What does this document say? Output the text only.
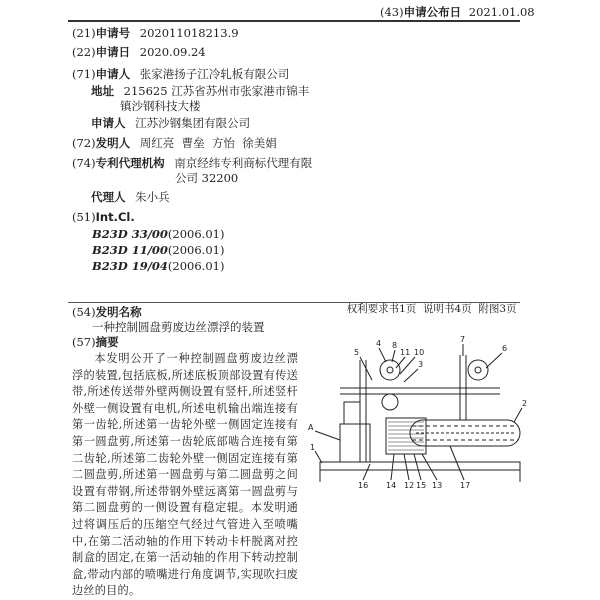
(43)申请公布日 2021.01.08
(21)申请号 202011018213.9
(22)申请日 2020.09.24
(71)申请人 张家港扬子江冷轧板有限公司
地址 215625 江苏省苏州市张家港市锦丰
镇沙钢科技大楼
申请人 江苏沙钢集团有限公司
(72)发明人 周红亮  曹垒  方怡  徐美娟
(74)专利代理机构 南京经纬专利商标代理有限
公司 32200
代理人 朱小兵
(51)Int.Cl.
B23D 33/00(2006.01)
B23D 11/00(2006.01)
B23D 19/04(2006.01)

权利要求书1页  说明书4页  附图3页

(54)发明名称
一种控制圆盘剪废边丝漂浮的装置
(57)摘要
本发明公开了一种控制圆盘剪废边丝漂浮的装置,包括底板,所述底板顶部设置有传送带,所述传送带外壁两侧设置有竖杆,所述竖杆外壁一侧设置有电机,所述电机输出端连接有第一齿轮,所述第一齿轮外壁一侧固定连接有第一圆盘剪,所述第一齿轮底部啮合连接有第二齿轮,所述第二齿轮外壁一侧固定连接有第二圆盘剪,所述第一圆盘剪与第二圆盘剪之间设置有带钢,所述带钢外壁远离第一圆盘剪与第二圆盘剪的一侧设置有稳定辊。本发明通过将调压后的压缩空气经过气管进入至喷嘴中,在第二活动轴的作用下转动卡杆脱离对控制盒的固定,在第一活动轴的作用下转动控制盒,带动内部的喷嘴进行角度调节,实现吹扫废边丝的目的。
4 8
11 10
5
3
7
6
2
A
1
16 14 12 15 13 17
